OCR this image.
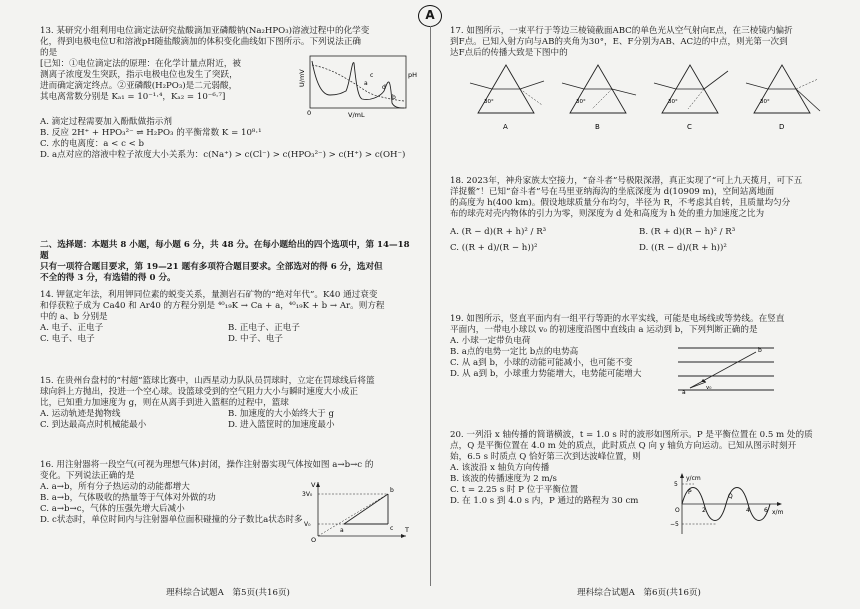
A

13. 某研究小组利用电位滴定法研究盐酸滴加亚磷酸钠(Na₂HPO₃)溶液过程中的化学变

化，得到电极电位U和溶液pH随盐酸滴加的体积变化曲线如下图所示。下列说法正确

的是

[已知：①电位滴定法的原理：在化学计量点附近，被

测离子浓度发生突跃，指示电极电位也发生了突跃，

进而确定滴定终点。②亚磷酸(H₂PO₃)是二元弱酸，

其电离常数分别是 Kₐ₁ = 10⁻¹·⁴，Kₐ₂ = 10⁻⁶·⁷]

U/mV	pH
0	V/mL
a
b
c
d

A. 滴定过程需要加入酚酞做指示剂

B. 反应 2H⁺ + HPO₃²⁻ ⇌ H₂PO₃ 的平衡常数 K = 10⁸·¹

C. 水的电离度：a < c < b

D. a点对应的溶液中粒子浓度大小关系为：c(Na⁺) > c(Cl⁻) > c(HPO₃²⁻) > c(H⁺) > c(OH⁻)

二、选择题：本题共 8 小题，每小题 6 分，共 48 分。在每小题给出的四个选项中，第 14—18 题

只有一项符合题目要求，第 19—21 题有多项符合题目要求。全部选对的得 6 分，选对但

不全的得 3 分，有选错的得 0 分。

14. 钾氩定年法，利用钾同位素的蜕变关系，量测岩石矿物的“绝对年代”。K40 通过衰变

和俘获粒子成为 Ca40 和 Ar40 的方程分别是 ⁴⁰₁₉K → Ca + a，⁴⁰₁₉K + b → Ar。则方程

中的 a、b 分别是

A. 电子、正电子	B. 正电子、正电子

C. 电子、电子	D. 中子、电子

15. 在贵州台盘村的“村超”篮球比赛中，山西星动力队队员罚球时，立定在罚球线后将篮

球向斜上方抛出，投进一个空心球。设篮球受到的空气阻力大小与瞬时速度大小成正

比，已知重力加速度为 g，则在从离手到进入篮框的过程中，篮球

A. 运动轨迹是抛物线	B. 加速度的大小始终大于 g

C. 到达最高点时机械能最小	D. 进入篮筐时的加速度最小

16. 用注射器将一段空气(可视为理想气体)封闭，操作注射器实现气体按如图 a→b→c 的

变化。下列说法正确的是

A. a→b，所有分子热运动的动能都增大

B. a→b，气体吸收的热量等于气体对外做的功

C. a→b→c，气体的压强先增大后减小

D. c状态时，单位时间内与注射器单位面积碰撞的分子数比a状态时多

V
T
O
3V₀
V₀
a
b
c
理科综合试题A　第5页(共16页)

17. 如图所示，一束平行于等边三棱镜截面ABC的单色光从空气射向E点，在三棱镜内偏折

到F点。已知入射方向与AB的夹角为30°，E、F分别为AB、AC边的中点，则光第一次到

达F点后的传播大致是下图中的

30°
A
30°
B
30°
C
30°
D

18. 2023年，神舟家族太空接力，“奋斗者”号极限深潜，真正实现了“可上九天揽月，可下五

洋捉鳖”！已知“奋斗者”号在马里亚纳海沟的坐底深度为 d(10909 m)，空间站离地面

的高度为 h(400 km)。假设地球质量分布均匀，半径为 R，不考虑其自转，且质量均匀分

布的球壳对壳内物体的引力为零，则深度为 d 处和高度为 h 处的重力加速度之比为

A. (R − d)(R + h)² / R³	B. (R + d)(R − h)² / R³

C. ((R + d)/(R − h))²	D. ((R − d)/(R + h))²

19. 如图所示，竖直平面内有一组平行等距的水平实线，可能是电场线或等势线。在竖直

平面内，一带电小球以 v₀ 的初速度沿图中直线由 a 运动到 b，下列判断正确的是

A. 小球一定带负电荷

B. a点的电势一定比 b点的电势高

C. 从 a到 b，小球的动能可能减小，也可能不变

D. 从 a到 b，小球重力势能增大，电势能可能增大

a
b
v₀

20. 一列沿 x 轴传播的简谐横波，t = 1.0 s 时的波形如图所示。P 是平衡位置在 0.5 m 处的质

点，Q 是平衡位置在 4.0 m 处的质点，此时质点 Q 向 y 轴负方向运动。已知从图示时刻开

始，6.5 s 时质点 Q 恰好第三次到达波峰位置，则

A. 该波沿 x 轴负方向传播

B. 该波的传播速度为 2 m/s

C. t = 2.25 s 时 P 位于平衡位置

D. 在 1.0 s 到 4.0 s 内，P 通过的路程为 30 cm

y/cm
x/m
5
−5
O
P
Q
2	4 6
理科综合试题A　第6页(共16页)
